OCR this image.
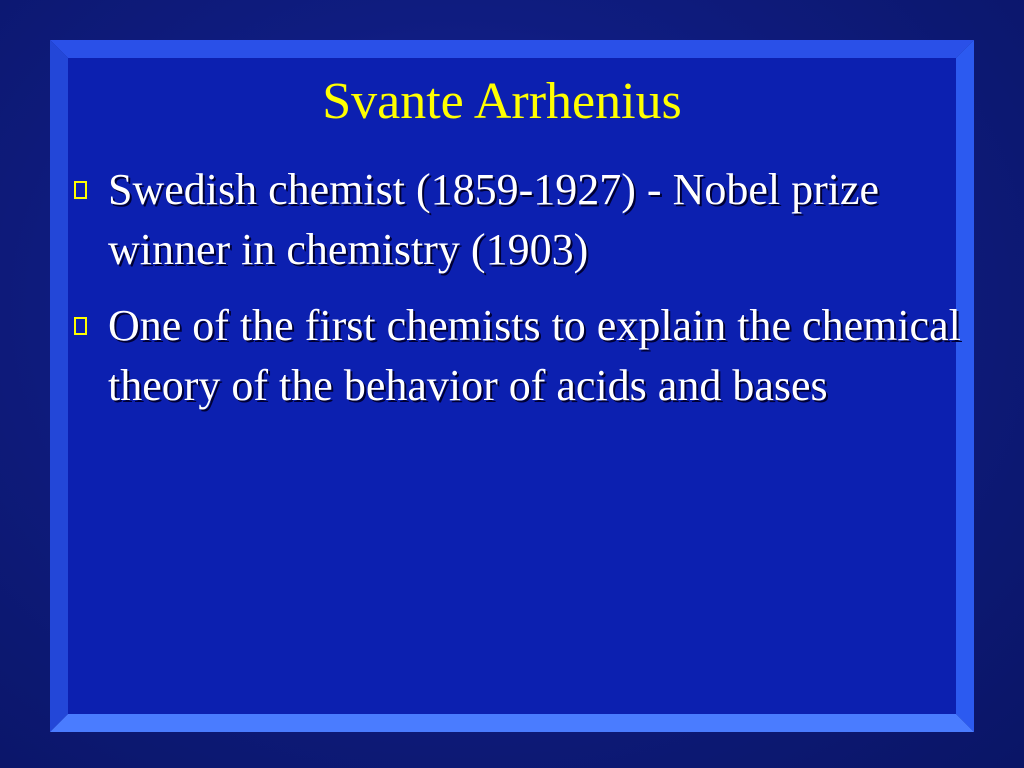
Svante Arrhenius
Swedish chemist (1859-1927) - Nobel prize winner in chemistry (1903)
One of the first chemists to explain the chemical theory of the behavior of acids and bases
